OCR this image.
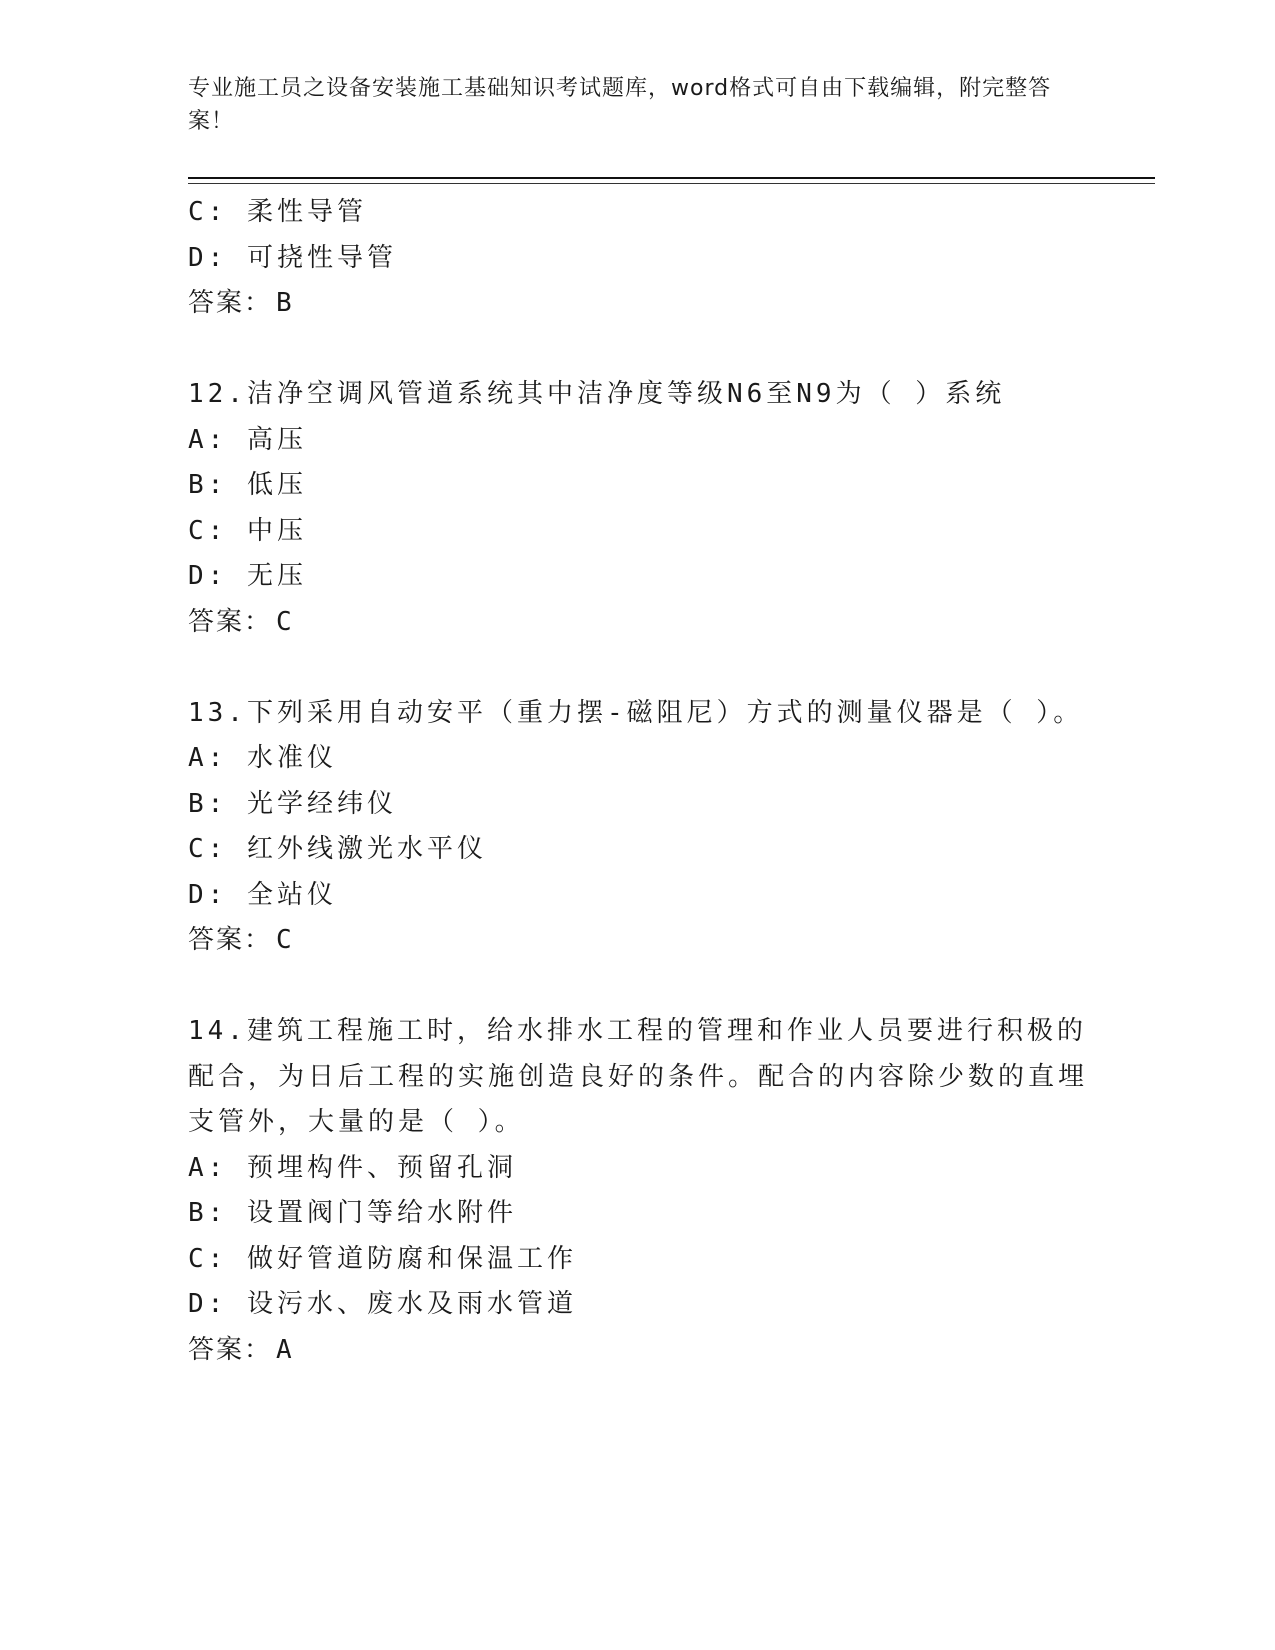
专业施工员之设备安装施工基础知识考试题库，word格式可自由下载编辑，附完整答案！
C: 柔性导管
D: 可挠性导管
答案： B
12.洁净空调风管道系统其中洁净度等级N6至N9为（ ）系统
A: 高压
B: 低压
C: 中压
D: 无压
答案： C
13.下列采用自动安平（重力摆-磁阻尼）方式的测量仪器是（ ）。
A: 水准仪
B: 光学经纬仪
C: 红外线激光水平仪
D: 全站仪
答案： C
14.建筑工程施工时，给水排水工程的管理和作业人员要进行积极的配合，为日后工程的实施创造良好的条件。配合的内容除少数的直埋支管外，大量的是（ ）。
A: 预埋构件、预留孔洞
B: 设置阀门等给水附件
C: 做好管道防腐和保温工作
D: 设污水、废水及雨水管道
答案： A
